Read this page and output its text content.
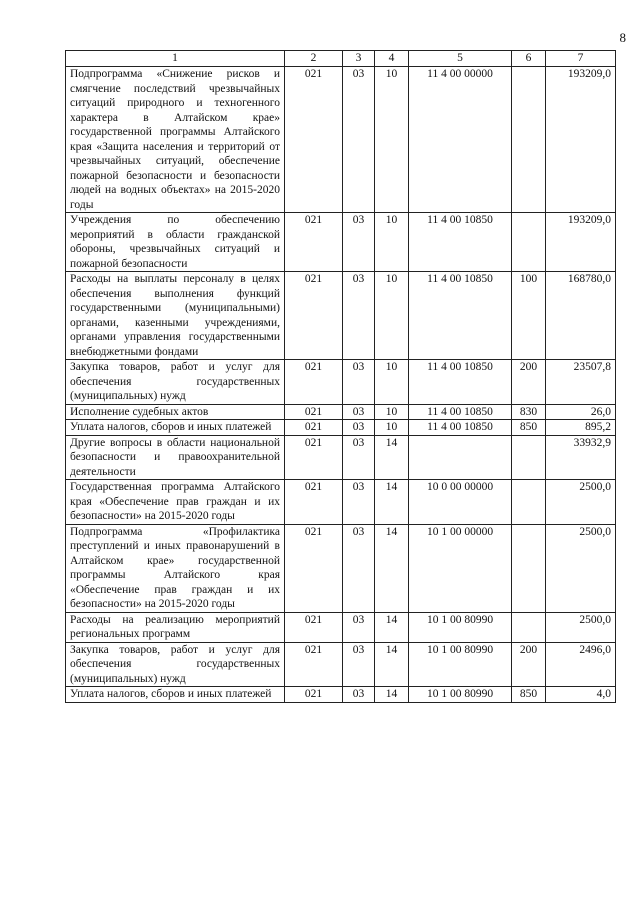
8
1	2	3	4	5	6	7
Подпрограмма «Снижение рисков и смягчение последствий чрезвычайных ситуаций природного и техногенного характера в Алтайском крае» государственной программы Алтайского края «Защита населения и территорий от чрезвычайных ситуаций, обеспечение пожарной безопасности и безопасности людей на водных объектах» на 2015-2020 годы	021	03	10	11 4 00 00000		193209,0
Учреждения по обеспечению мероприятий в области гражданской обороны, чрезвычайных ситуаций и пожарной безопасности	021	03	10	11 4 00 10850		193209,0
Расходы на выплаты персоналу в целях обеспечения выполнения функций государственными (муниципальными) органами, казенными учреждениями, органами управления государственными внебюджетными фондами	021	03	10	11 4 00 10850	100	168780,0
Закупка товаров, работ и услуг для обеспечения государственных (муниципальных) нужд	021	03	10	11 4 00 10850	200	23507,8
Исполнение судебных актов	021	03	10	11 4 00 10850	830	26,0
Уплата налогов, сборов и иных платежей	021	03	10	11 4 00 10850	850	895,2
Другие вопросы в области национальной безопасности и правоохранительной деятельности	021	03	14			33932,9
Государственная программа Алтайского края «Обеспечение прав граждан и их безопасности» на 2015-2020 годы	021	03	14	10 0 00 00000		2500,0
Подпрограмма «Профилактика преступлений и иных правонарушений в Алтайском крае» государственной программы Алтайского края «Обеспечение прав граждан и их безопасности» на 2015-2020 годы	021	03	14	10 1 00 00000		2500,0
Расходы на реализацию мероприятий региональных программ	021	03	14	10 1 00 80990		2500,0
Закупка товаров, работ и услуг для обеспечения государственных (муниципальных) нужд	021	03	14	10 1 00 80990	200	2496,0
Уплата налогов, сборов и иных платежей	021	03	14	10 1 00 80990	850	4,0
